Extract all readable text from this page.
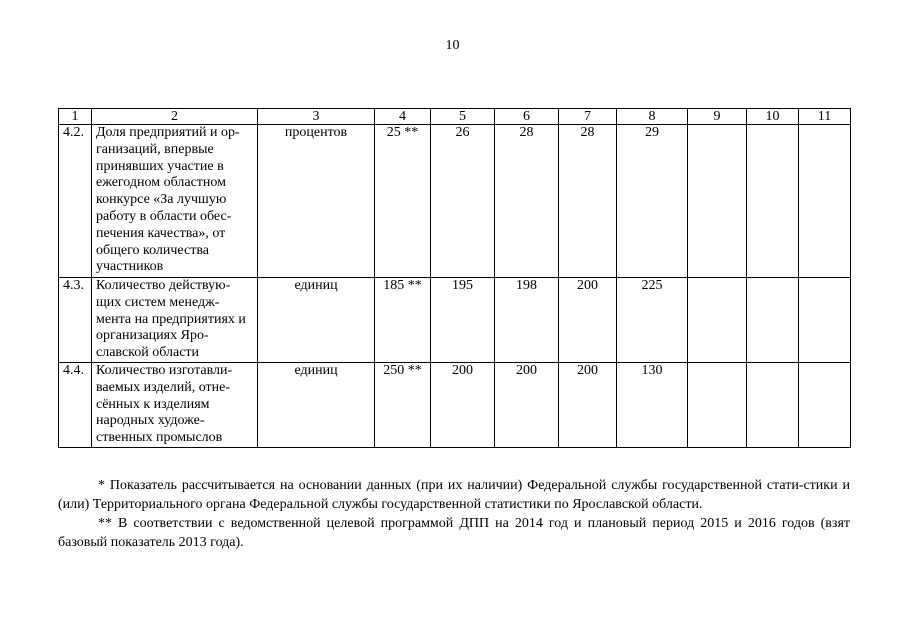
10
1	2	3	4	5	6	7	8	9	10	11
4.2.	Доля предприятий и ор-ганизаций, впервые принявших участие в ежегодном областном конкурсе «За лучшую работу в области обес-печения качества», от общего количества участников	процентов	25 **	26	28	28	29			
4.3.	Количество действую-щих систем менедж-мента на предприятиях и организациях Яро-славской области	единиц	185 **	195	198	200	225			
4.4.	Количество изготавли-ваемых изделий, отне-сённых к изделиям народных художе-ственных промыслов	единиц	250 **	200	200	200	130			

* Показатель рассчитывается на основании данных (при их наличии) Федеральной службы государственной стати-стики и (или) Территориального органа Федеральной службы государственной статистики по Ярославской области.

** В соответствии с ведомственной целевой программой ДПП на 2014 год и плановый период 2015 и 2016 годов (взят базовый показатель 2013 года).
